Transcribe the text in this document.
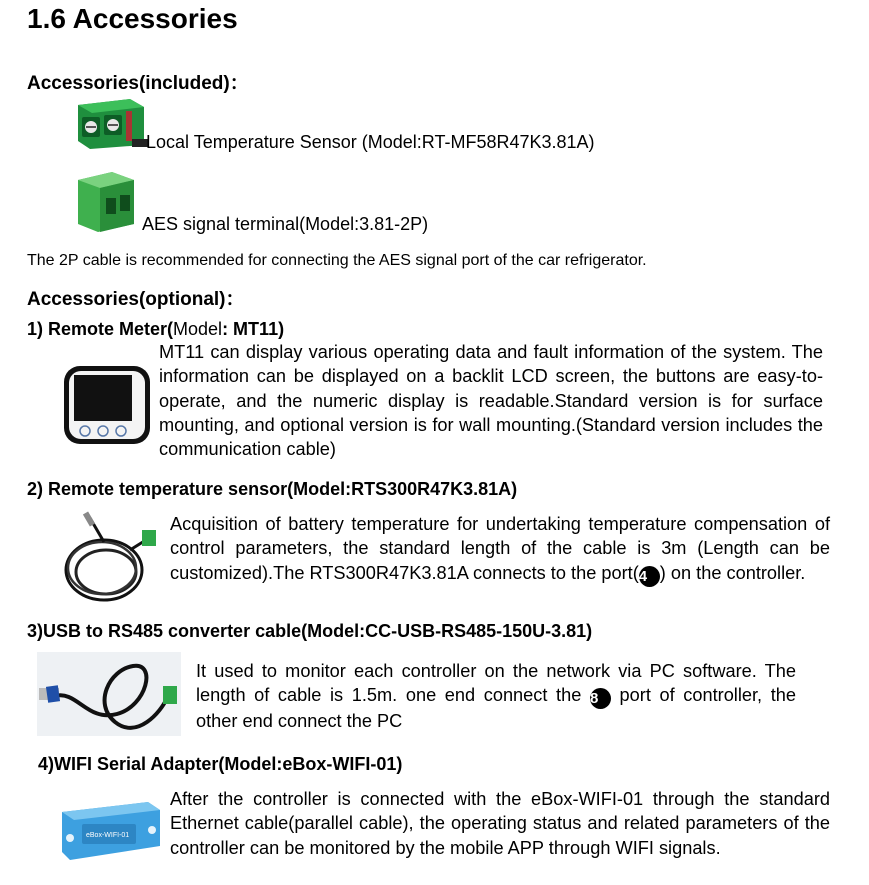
1.6 Accessories

Accessories(included)：

Local Temperature Sensor (Model:RT-MF58R47K3.81A)
AES signal terminal(Model:3.81-2P)
The 2P cable is recommended for connecting the AES signal port of the car refrigerator.

Accessories(optional)：

1) Remote Meter(Model: MT11)
MT11 can display various operating data and fault information of the system. The information can be displayed on a backlit LCD screen, the buttons are easy-to-operate, and the numeric display is readable.Standard version is for surface mounting, and optional version is for wall mounting.(Standard version includes the communication cable)
2) Remote temperature sensor(Model:RTS300R47K3.81A)
Acquisition of battery temperature for undertaking temperature compensation of control parameters, the standard length of the cable is 3m (Length can be customized).The RTS300R47K3.81A connects to the port(4 ) on the controller.
3)USB to RS485 converter cable(Model:CC-USB-RS485-150U-3.81)
It used to monitor each controller on the network via PC software. The length of cable is 1.5m. one end connect the 8 port of controller, the other end connect the PC
4)WIFI Serial Adapter(Model:eBox-WIFI-01)
eBox-WIFI-01
After the controller is connected with the eBox-WIFI-01 through the standard Ethernet cable(parallel cable), the operating status and related parameters of the controller can be monitored by the mobile APP through WIFI signals.
